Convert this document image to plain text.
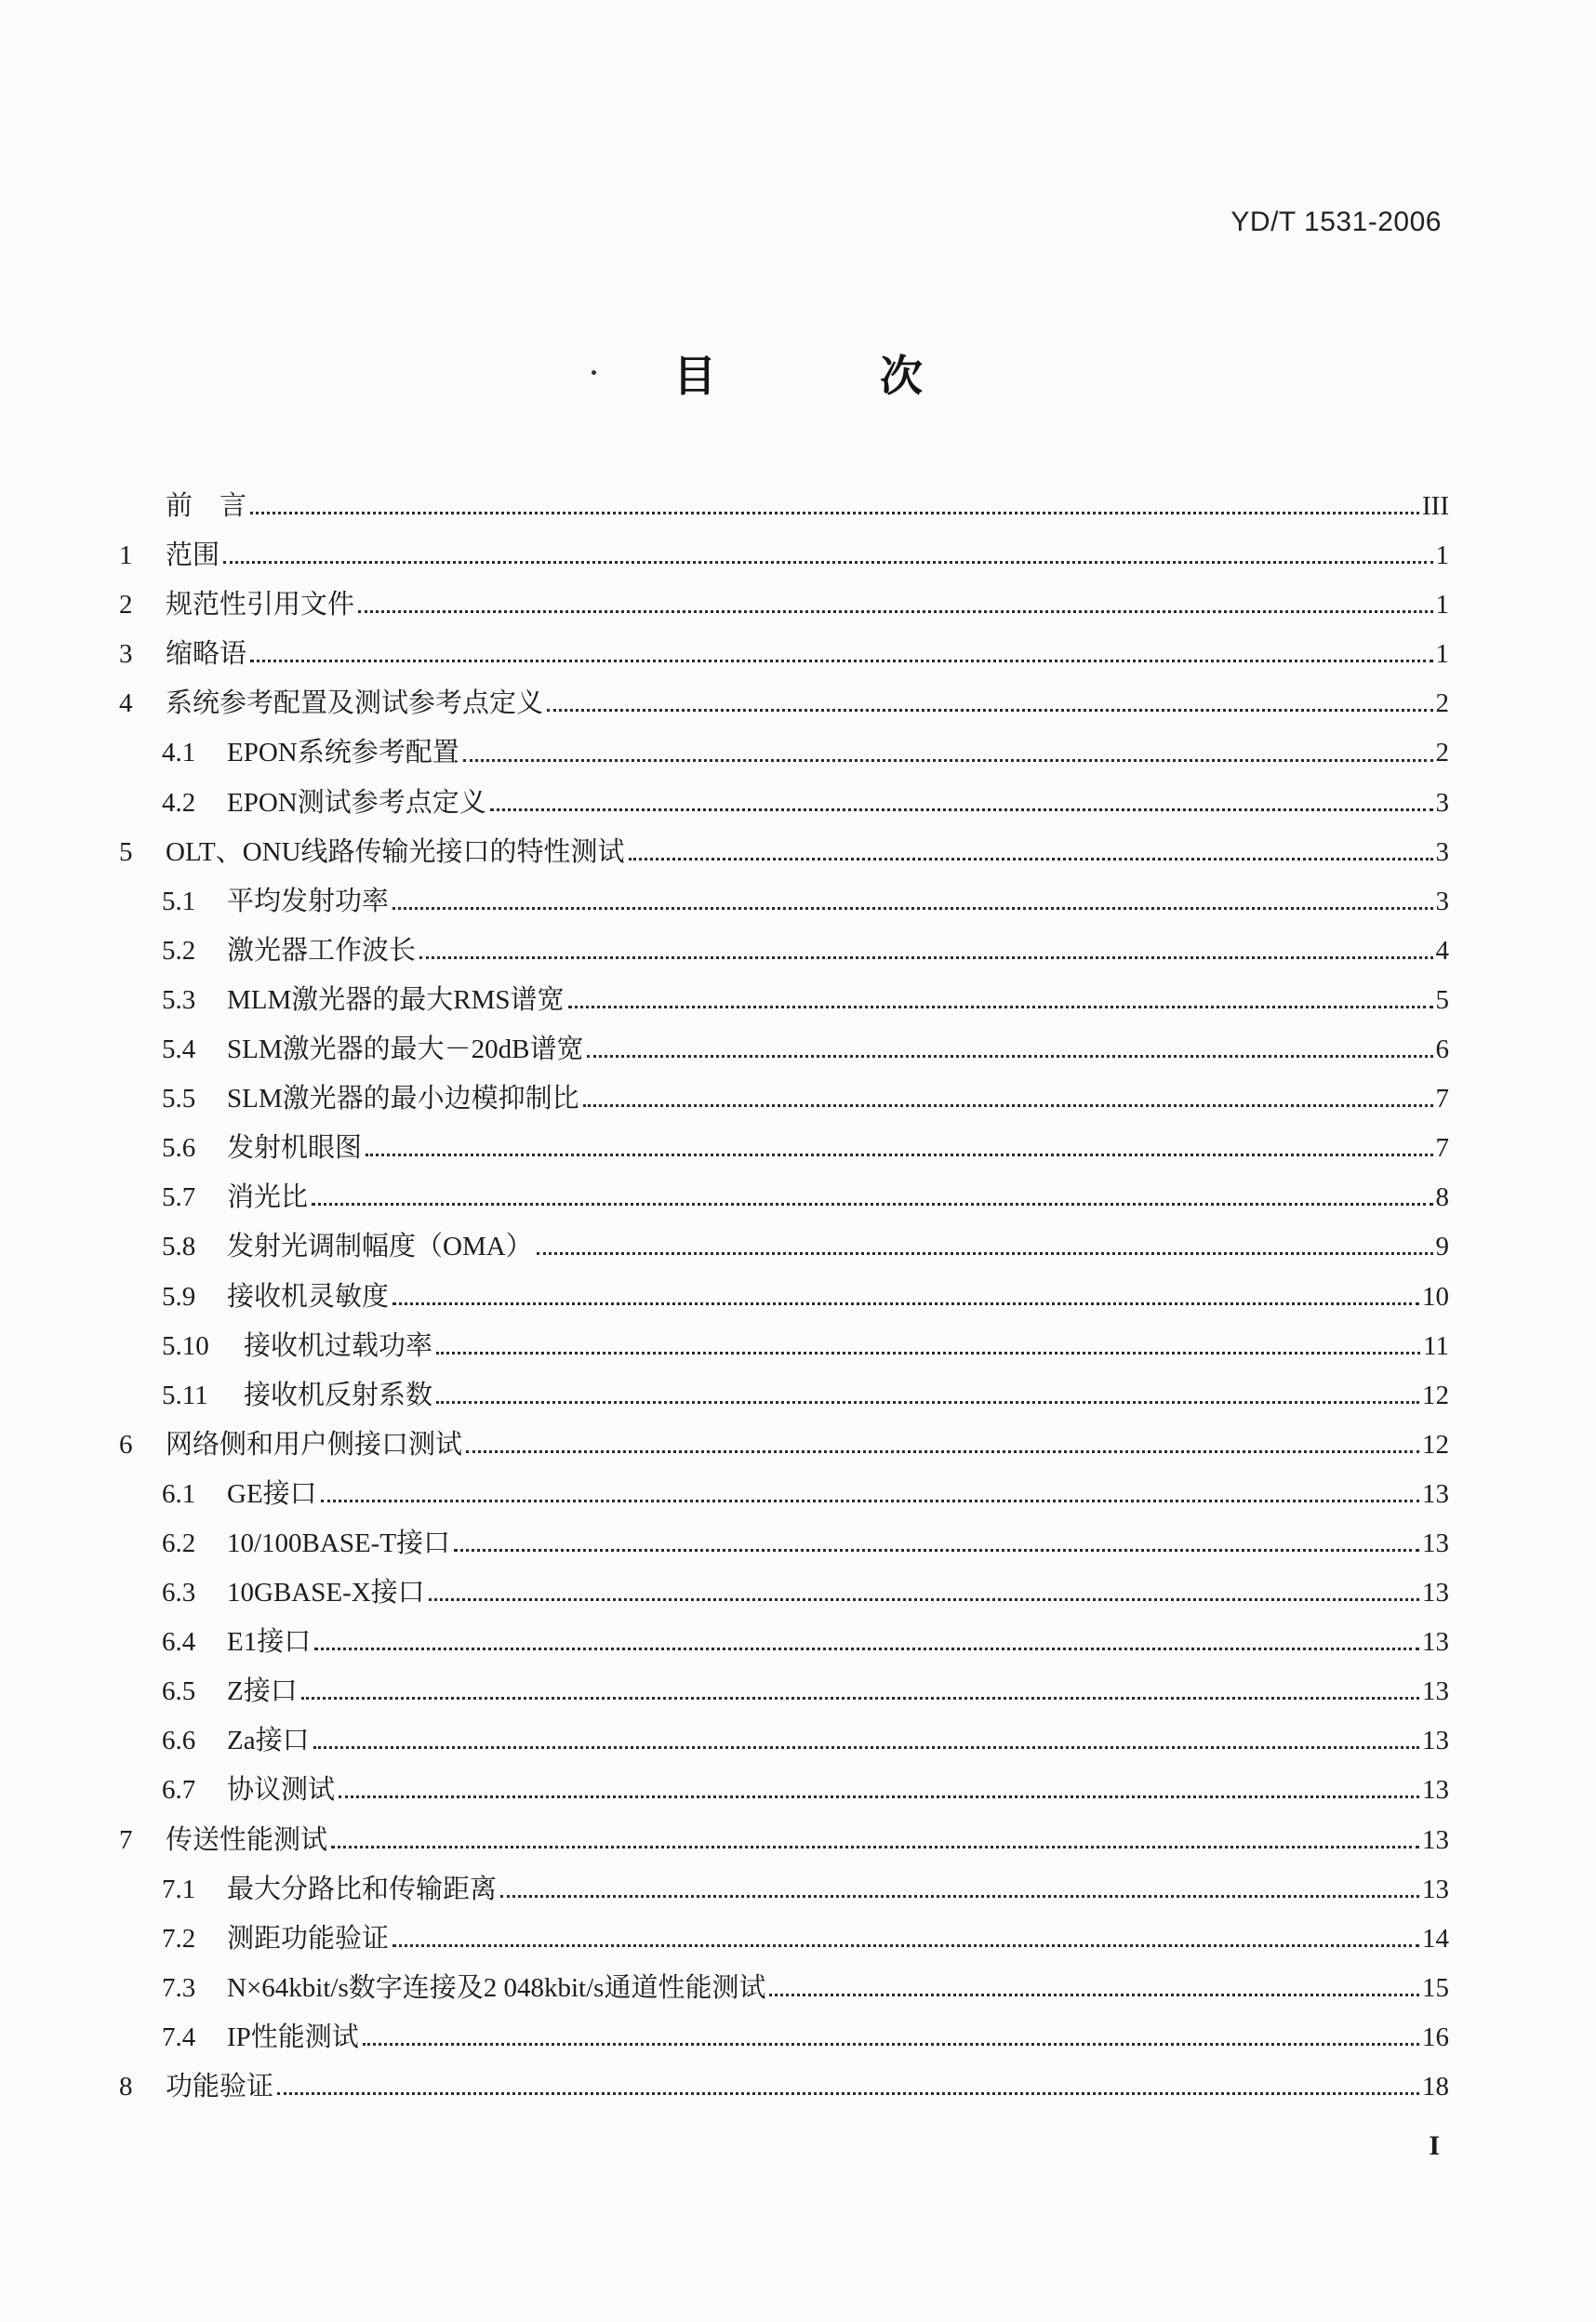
YD/T 1531-2006
目 次
前　言	III
1	范围	1
2	规范性引用文件	1
3	缩略语	1
4	系统参考配置及测试参考点定义	2
4.1	EPON系统参考配置	2
4.2	EPON测试参考点定义	3
5	OLT、ONU线路传输光接口的特性测试	3
5.1	平均发射功率	3
5.2	激光器工作波长	4
5.3	MLM激光器的最大RMS谱宽	5
5.4	SLM激光器的最大－20dB谱宽	6
5.5	SLM激光器的最小边模抑制比	7
5.6	发射机眼图	7
5.7	消光比	8
5.8	发射光调制幅度（OMA）	9
5.9	接收机灵敏度	10
5.10	接收机过载功率	11
5.11	接收机反射系数	12
6	网络侧和用户侧接口测试	12
6.1	GE接口	13
6.2	10/100BASE-T接口	13
6.3	10GBASE-X接口	13
6.4	E1接口	13
6.5	Z接口	13
6.6	Za接口	13
6.7	协议测试	13
7	传送性能测试	13
7.1	最大分路比和传输距离	13
7.2	测距功能验证	14
7.3	N×64kbit/s数字连接及2 048kbit/s通道性能测试	15
7.4	IP性能测试	16
8	功能验证	18
I
